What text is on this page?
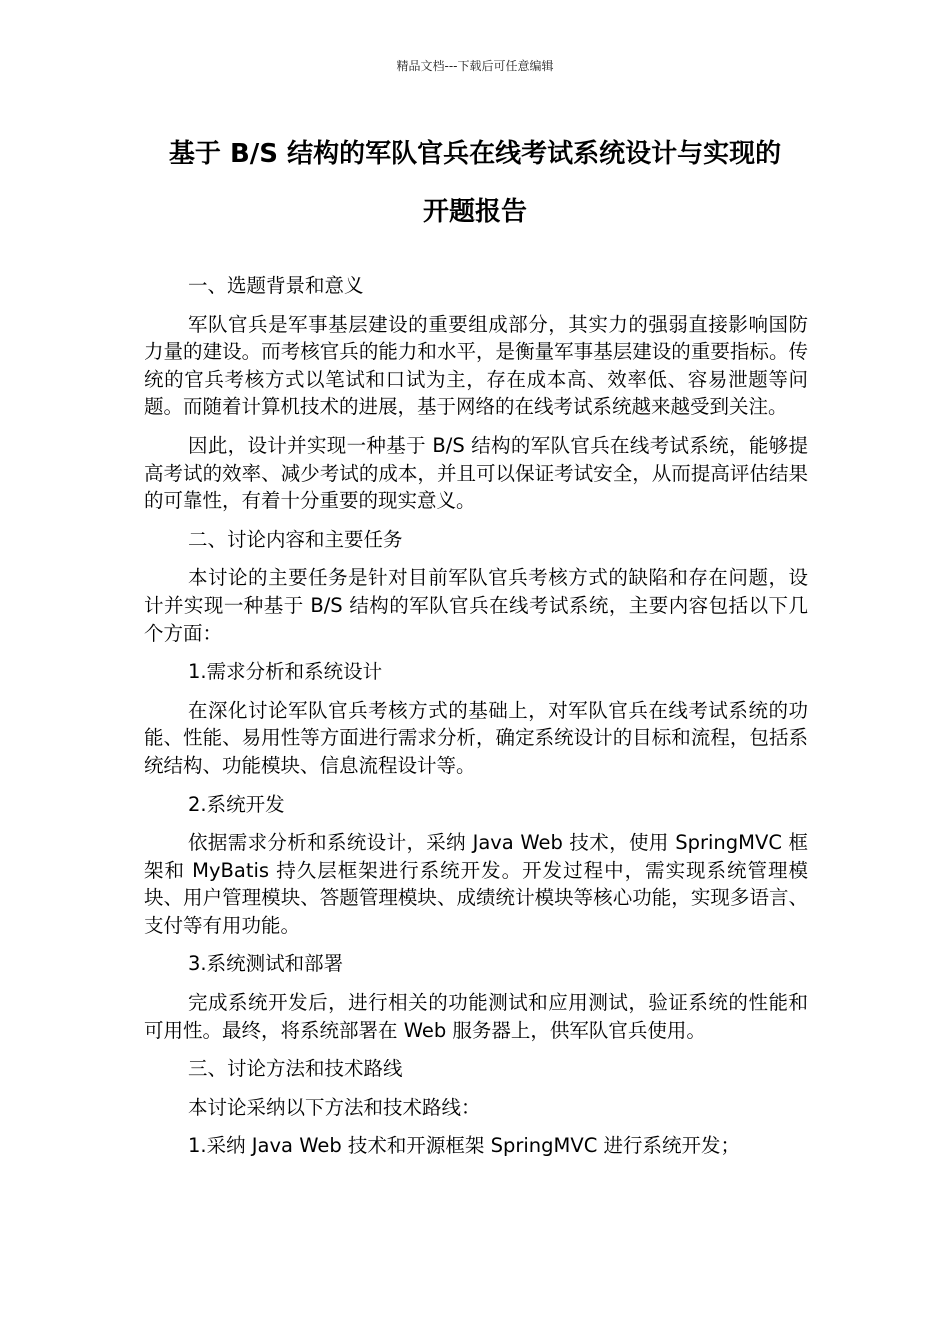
精品文档---下载后可任意编辑
基于 B/S 结构的军队官兵在线考试系统设计与实现的
开题报告

一、选题背景和意义

军队官兵是军事基层建设的重要组成部分，其实力的强弱直接影响国防力量的建设。而考核官兵的能力和水平，是衡量军事基层建设的重要指标。传统的官兵考核方式以笔试和口试为主，存在成本高、效率低、容易泄题等问题。而随着计算机技术的进展，基于网络的在线考试系统越来越受到关注。

因此，设计并实现一种基于 B/S 结构的军队官兵在线考试系统，能够提高考试的效率、减少考试的成本，并且可以保证考试安全，从而提高评估结果的可靠性，有着十分重要的现实意义。

二、讨论内容和主要任务

本讨论的主要任务是针对目前军队官兵考核方式的缺陷和存在问题，设计并实现一种基于 B/S 结构的军队官兵在线考试系统，主要内容包括以下几个方面：

1.需求分析和系统设计

在深化讨论军队官兵考核方式的基础上，对军队官兵在线考试系统的功能、性能、易用性等方面进行需求分析，确定系统设计的目标和流程，包括系统结构、功能模块、信息流程设计等。

2.系统开发

依据需求分析和系统设计，采纳 Java Web 技术，使用 SpringMVC 框架和 MyBatis 持久层框架进行系统开发。开发过程中，需实现系统管理模块、用户管理模块、答题管理模块、成绩统计模块等核心功能，实现多语言、支付等有用功能。

3.系统测试和部署

完成系统开发后，进行相关的功能测试和应用测试，验证系统的性能和可用性。最终，将系统部署在 Web 服务器上，供军队官兵使用。

三、讨论方法和技术路线

本讨论采纳以下方法和技术路线：

1.采纳 Java Web 技术和开源框架 SpringMVC 进行系统开发；
